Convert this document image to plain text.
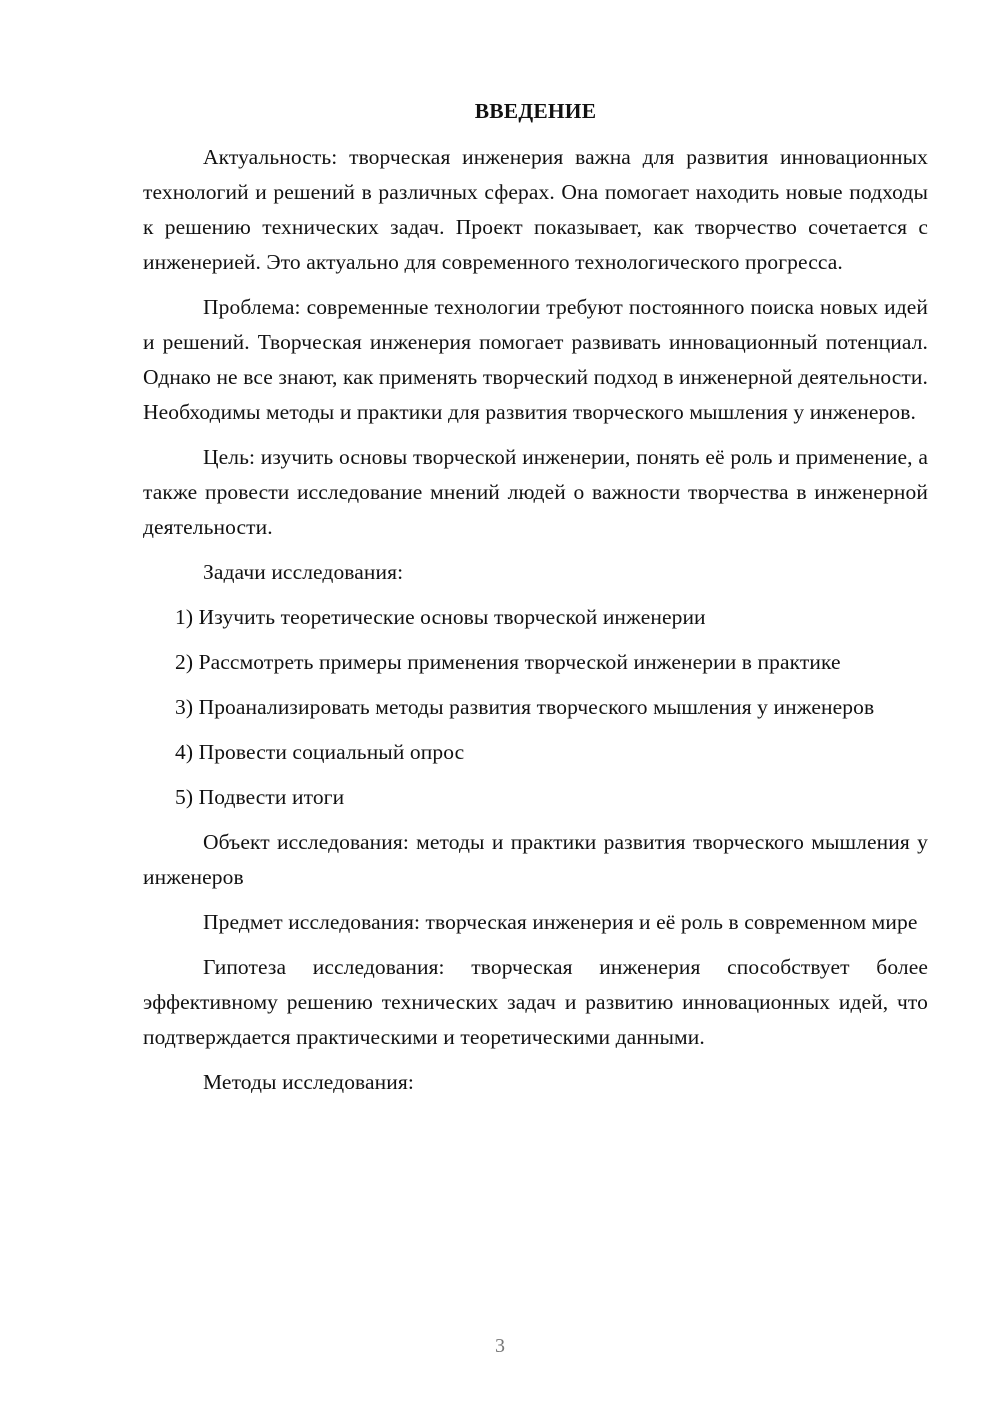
ВВЕДЕНИЕ

Актуальность: творческая инженерия важна для развития инновационных технологий и решений в различных сферах. Она помогает находить новые подходы к решению технических задач. Проект показывает, как творчество сочетается с инженерией. Это актуально для современного технологического прогресса.

Проблема: современные технологии требуют постоянного поиска новых идей и решений. Творческая инженерия помогает развивать инновационный потенциал. Однако не все знают, как применять творческий подход в инженерной деятельности. Необходимы методы и практики для развития творческого мышления у инженеров.

Цель: изучить основы творческой инженерии, понять её роль и применение, а также провести исследование мнений людей о важности творчества в инженерной деятельности.

Задачи исследования:

1) Изучить теоретические основы творческой инженерии

2) Рассмотреть примеры применения творческой инженерии в практике

3) Проанализировать методы развития творческого мышления у инженеров

4) Провести социальный опрос

5) Подвести итоги

Объект исследования: методы и практики развития творческого мышления у инженеров

Предмет исследования: творческая инженерия и её роль в современном мире

Гипотеза исследования: творческая инженерия способствует более эффективному решению технических задач и развитию инновационных идей, что подтверждается практическими и теоретическими данными.

Методы исследования:

3
